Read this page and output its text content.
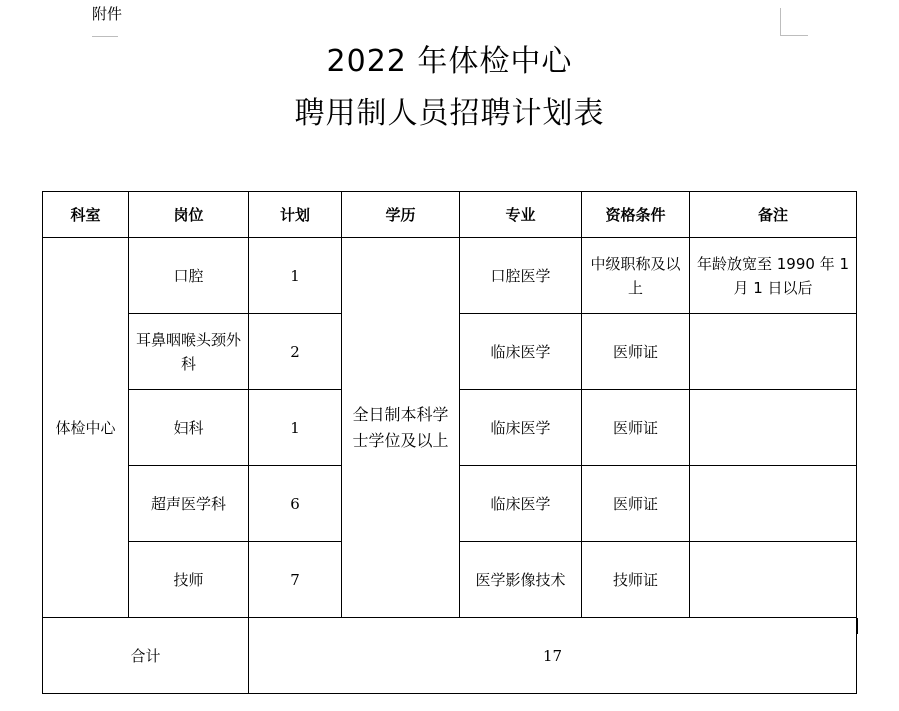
附件
2022 年体检中心
聘用制人员招聘计划表
科室	岗位	计划	学历	专业	资格条件	备注
体检中心	口腔	1	全日制本科学士学位及以上	口腔医学	中级职称及以上	年龄放宽至 1990 年 1 月 1 日以后
	耳鼻咽喉头颈外科	2		临床医学	医师证	
	妇科	1		临床医学	医师证	
	超声医学科	6		临床医学	医师证	
	技师	7		医学影像技术	技师证	
合计		17				
